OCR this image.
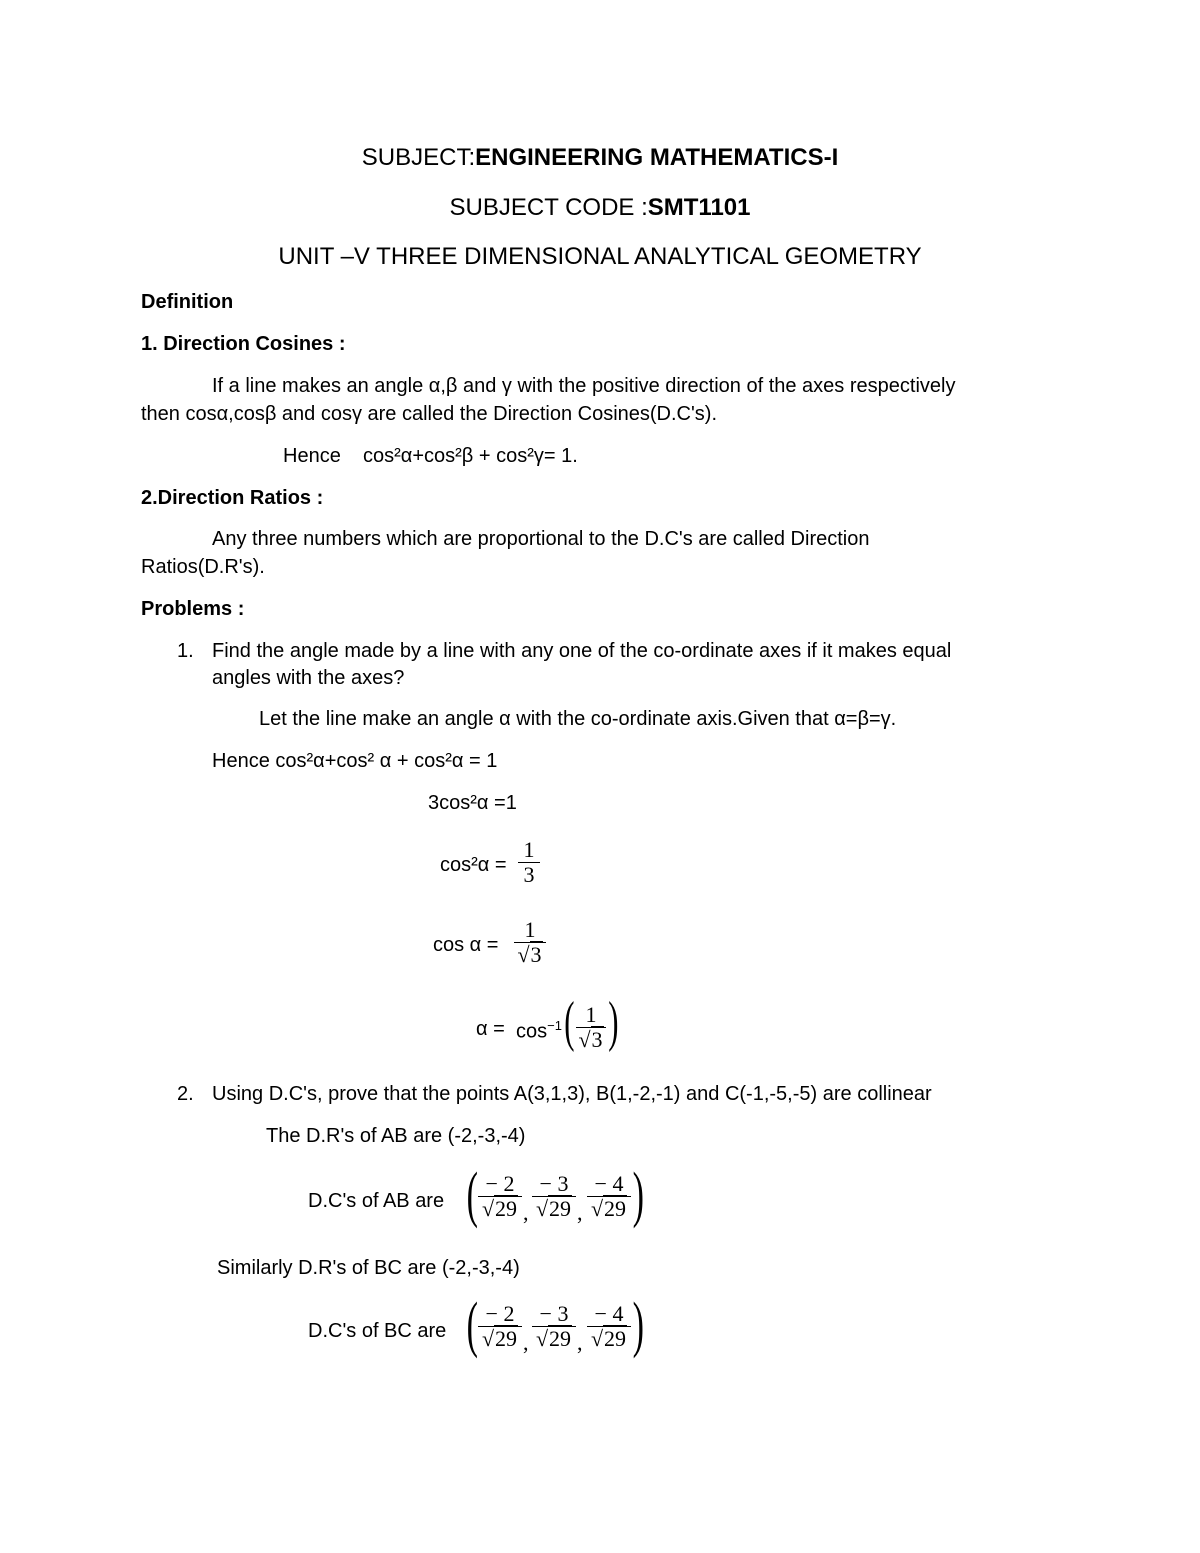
SUBJECT:ENGINEERING MATHEMATICS-I
SUBJECT CODE :SMT1101
UNIT –V THREE DIMENSIONAL ANALYTICAL GEOMETRY
Definition
1. Direction Cosines :
If a line makes an angle α,β and γ with the positive direction of the axes respectively
then cosα,cosβ and cosγ are called the Direction Cosines(D.C's).
Hence cos²α+cos²β + cos²γ= 1.
2.Direction Ratios :
Any three numbers which are proportional to the D.C's are called Direction
Ratios(D.R's).
Problems :
1. Find the angle made by a line with any one of the co-ordinate axes if it makes equal
angles with the axes?
Let the line make an angle α with the co-ordinate axis.Given that α=β=γ.
Hence cos²α+cos² α + cos²α = 1
3cos²α =1
cos²α =
1
3
cos α =
1
√3
$\alpha = \cos^{-1}$ ( 1
√3 )
2. Using D.C's, prove that the points A(3,1,3), B(1,-2,-1) and C(-1,-5,-5) are collinear
The D.R's of AB are (-2,-3,-4)
D.C's of AB are ( − 2
√29 ,
− 3
√29 ,
− 4
√29 )
Similarly D.R's of BC are (-2,-3,-4)
D.C's of BC are ( − 2
√29 ,
− 3
√29 ,
− 4
√29 )
